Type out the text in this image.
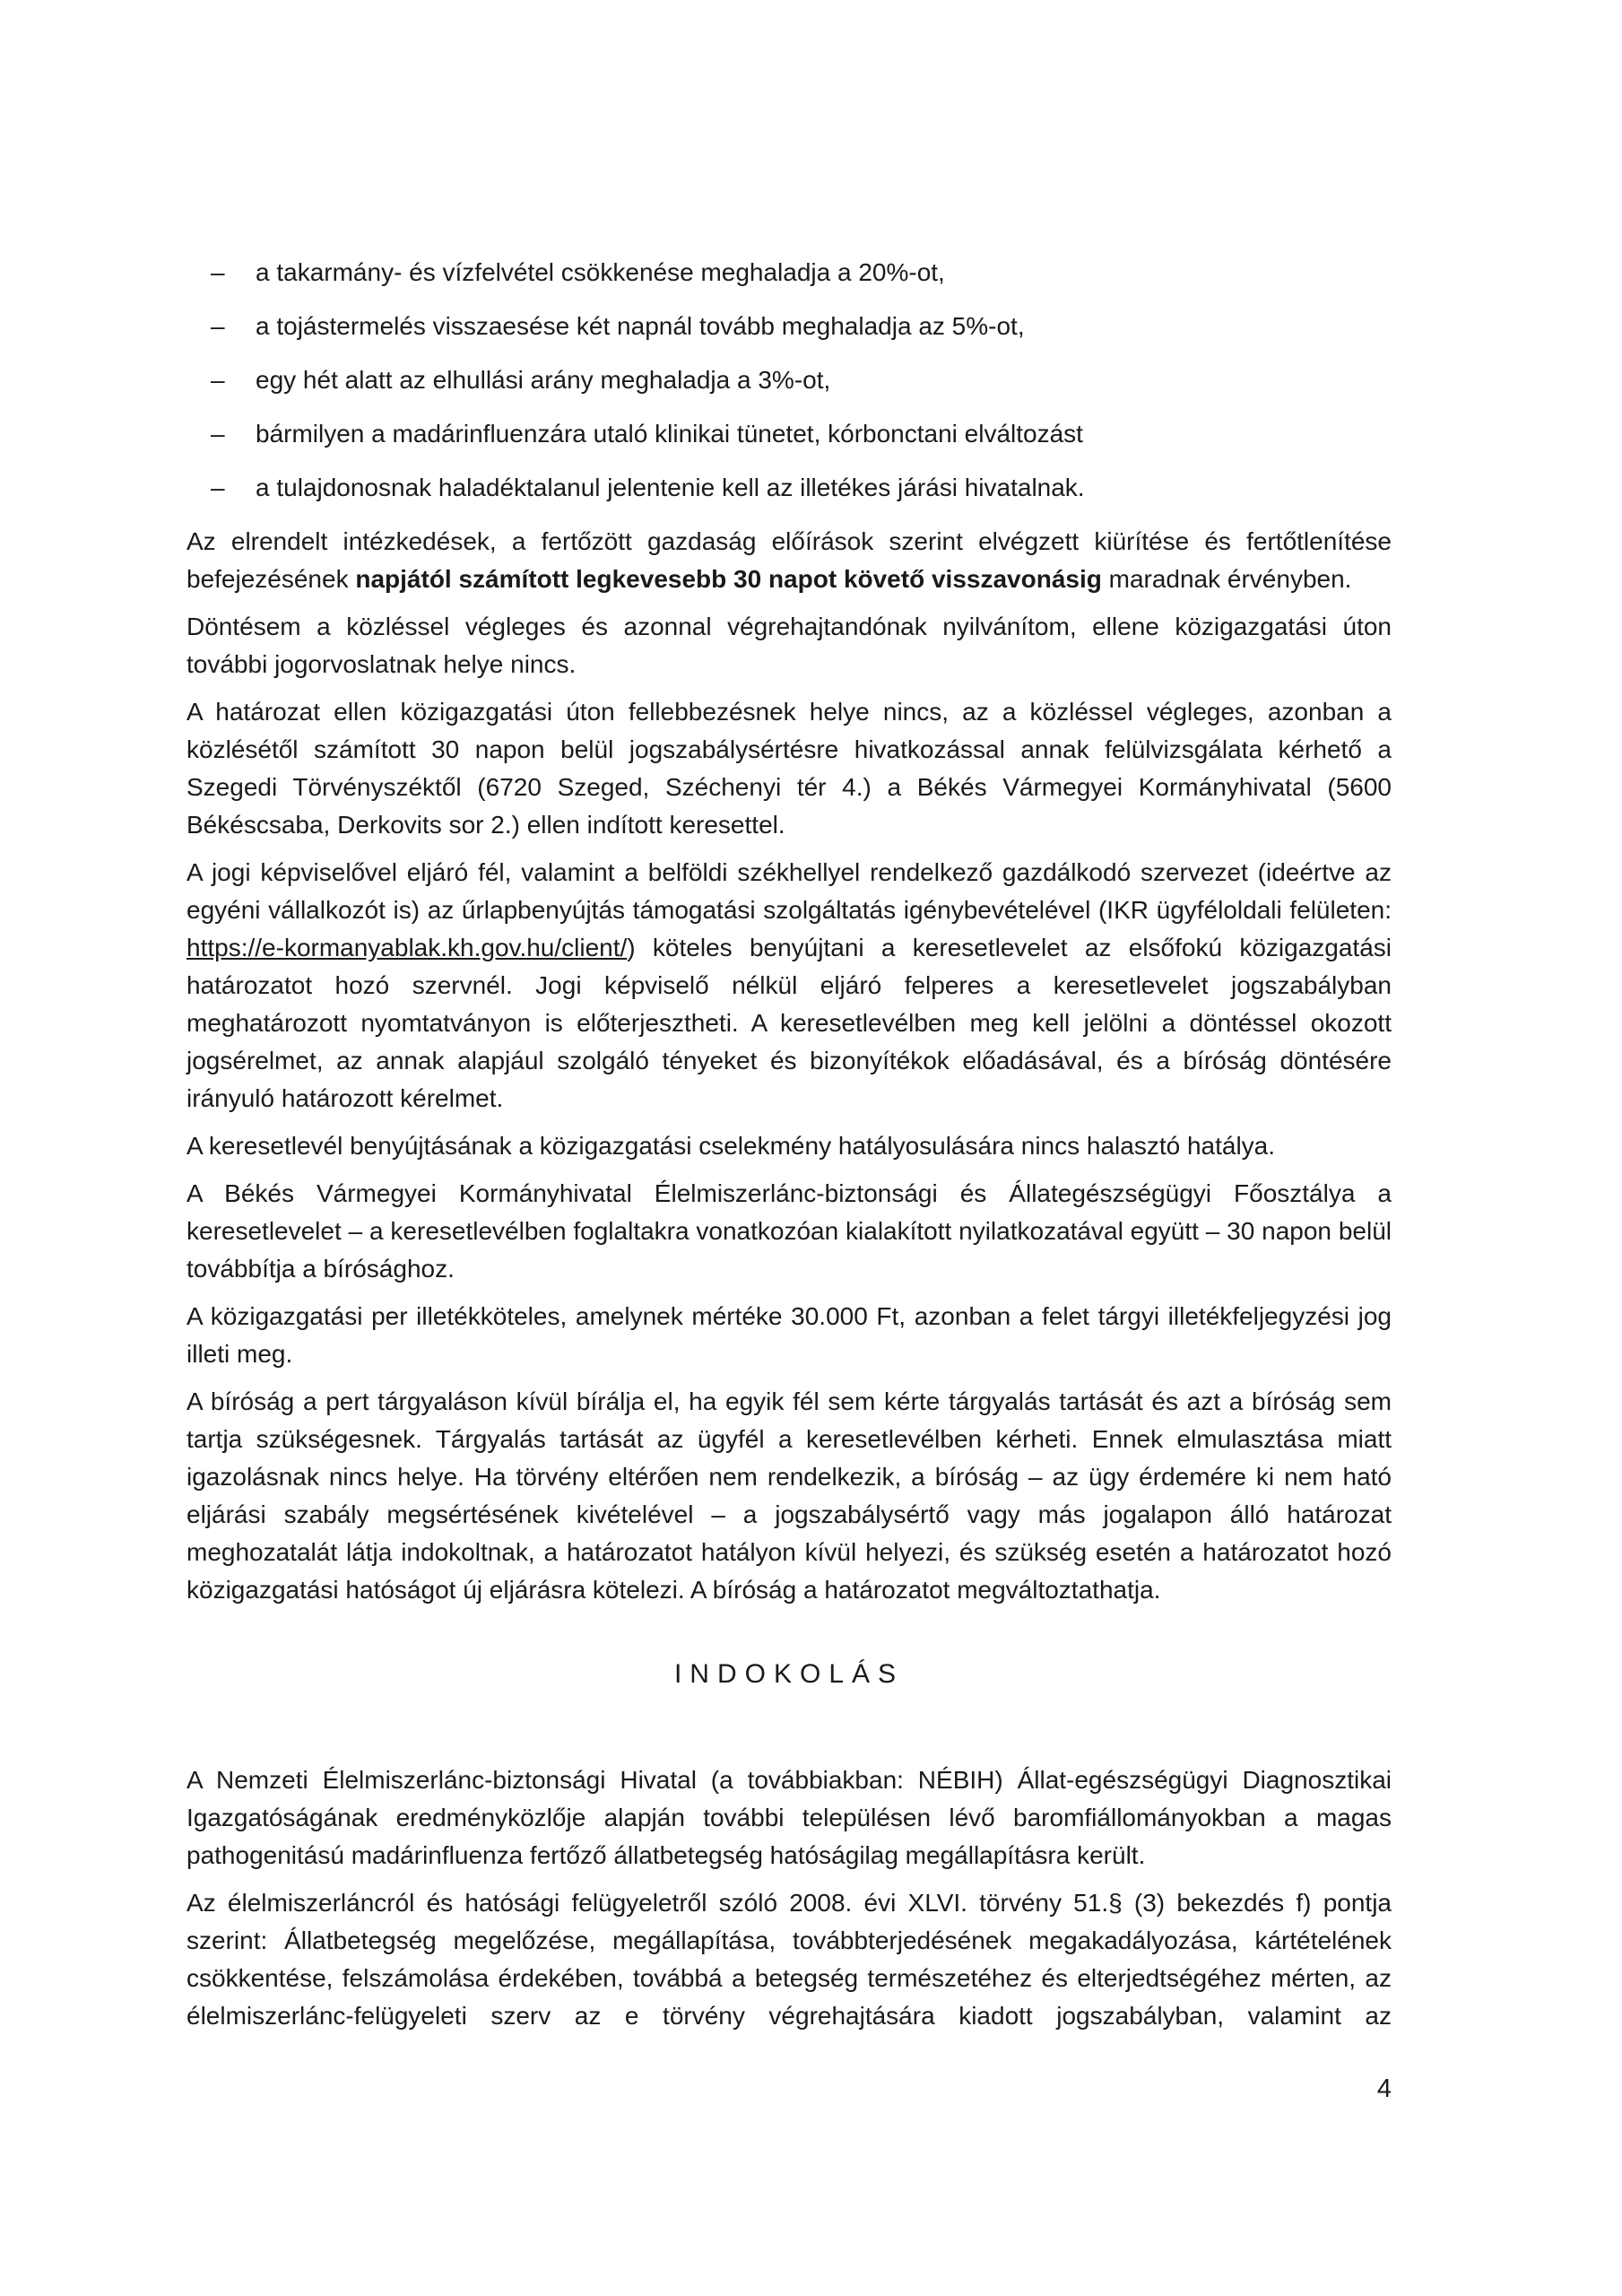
– a takarmány- és vízfelvétel csökkenése meghaladja a 20%-ot,
– a tojástermelés visszaesése két napnál tovább meghaladja az 5%-ot,
– egy hét alatt az elhullási arány meghaladja a 3%-ot,
– bármilyen a madárinfluenzára utaló klinikai tünetet, kórbonctani elváltozást
– a tulajdonosnak haladéktalanul jelentenie kell az illetékes járási hivatalnak.

Az elrendelt intézkedések, a fertőzött gazdaság előírások szerint elvégzett kiürítése és fertőtlenítése befejezésének napjától számított legkevesebb 30 napot követő visszavonásig maradnak érvényben.

Döntésem a közléssel végleges és azonnal végrehajtandónak nyilvánítom, ellene közigazgatási úton további jogorvoslatnak helye nincs.

A határozat ellen közigazgatási úton fellebbezésnek helye nincs, az a közléssel végleges, azonban a közlésétől számított 30 napon belül jogszabálysértésre hivatkozással annak felülvizsgálata kérhető a Szegedi Törvényszéktől (6720 Szeged, Széchenyi tér 4.) a Békés Vármegyei Kormányhivatal (5600 Békéscsaba, Derkovits sor 2.) ellen indított keresettel.

A jogi képviselővel eljáró fél, valamint a belföldi székhellyel rendelkező gazdálkodó szervezet (ideértve az egyéni vállalkozót is) az űrlapbenyújtás támogatási szolgáltatás igénybevételével (IKR ügyféloldali felületen: https://e-kormanyablak.kh.gov.hu/client/) köteles benyújtani a keresetlevelet az elsőfokú közigazgatási határozatot hozó szervnél. Jogi képviselő nélkül eljáró felperes a keresetlevelet jogszabályban meghatározott nyomtatványon is előterjesztheti. A keresetlevélben meg kell jelölni a döntéssel okozott jogsérelmet, az annak alapjául szolgáló tényeket és bizonyítékok előadásával, és a bíróság döntésére irányuló határozott kérelmet.

A keresetlevél benyújtásának a közigazgatási cselekmény hatályosulására nincs halasztó hatálya.

A Békés Vármegyei Kormányhivatal Élelmiszerlánc-biztonsági és Állategészségügyi Főosztálya a keresetlevelet – a keresetlevélben foglaltakra vonatkozóan kialakított nyilatkozatával együtt – 30 napon belül továbbítja a bírósághoz.

A közigazgatási per illetékköteles, amelynek mértéke 30.000 Ft, azonban a felet tárgyi illetékfeljegyzési jog illeti meg.

A bíróság a pert tárgyaláson kívül bírálja el, ha egyik fél sem kérte tárgyalás tartását és azt a bíróság sem tartja szükségesnek. Tárgyalás tartását az ügyfél a keresetlevélben kérheti. Ennek elmulasztása miatt igazolásnak nincs helye. Ha törvény eltérően nem rendelkezik, a bíróság – az ügy érdemére ki nem ható eljárási szabály megsértésének kivételével – a jogszabálysértő vagy más jogalapon álló határozat meghozatalát látja indokoltnak, a határozatot hatályon kívül helyezi, és szükség esetén a határozatot hozó közigazgatási hatóságot új eljárásra kötelezi. A bíróság a határozatot megváltoztathatja.

INDOKOLÁS

A Nemzeti Élelmiszerlánc-biztonsági Hivatal (a továbbiakban: NÉBIH) Állat-egészségügyi Diagnosztikai Igazgatóságának eredményközlője alapján további településen lévő baromfiállományokban a magas pathogenitású madárinfluenza fertőző állatbetegség hatóságilag megállapításra került.

Az élelmiszerláncról és hatósági felügyeletről szóló 2008. évi XLVI. törvény 51.§ (3) bekezdés f) pontja szerint: Állatbetegség megelőzése, megállapítása, továbbterjedésének megakadályozása, kártételének csökkentése, felszámolása érdekében, továbbá a betegség természetéhez és elterjedtségéhez mérten, az élelmiszerlánc-felügyeleti szerv az e törvény végrehajtására kiadott jogszabályban, valamint az

4
